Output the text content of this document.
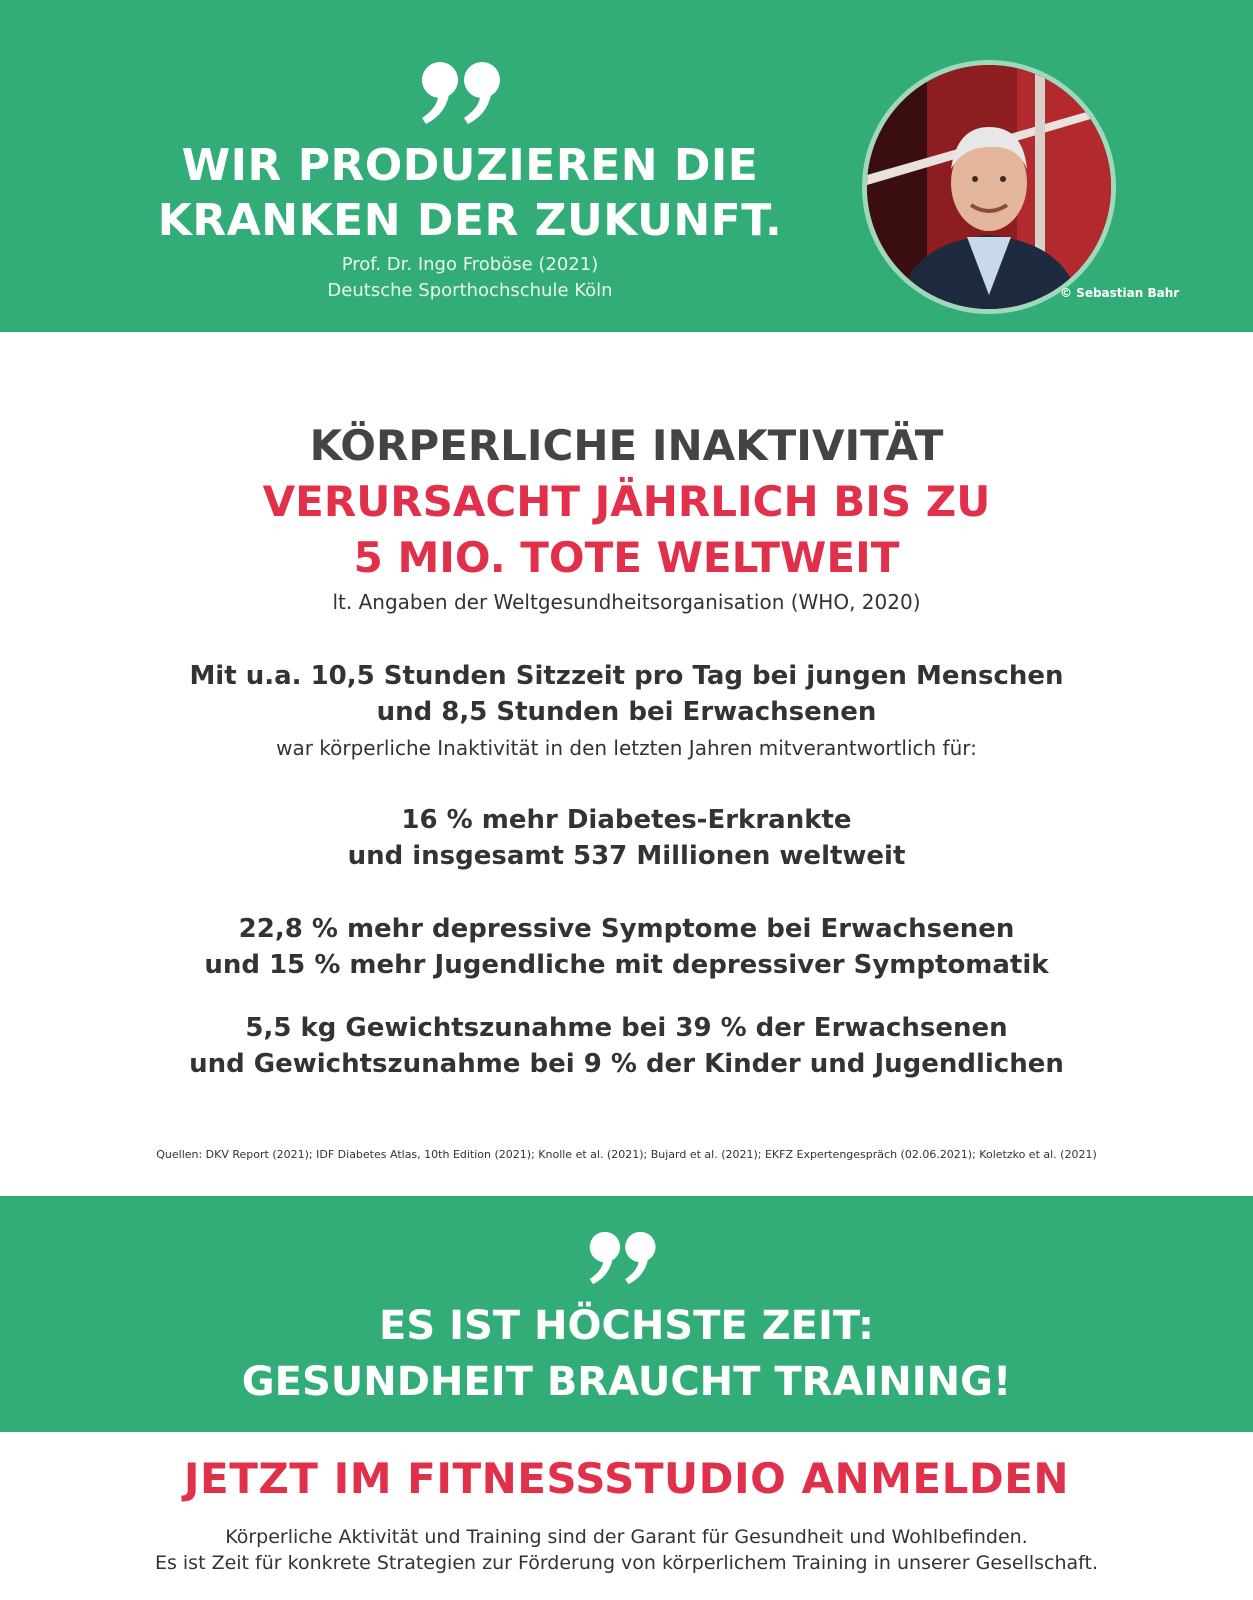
WIR PRODUZIEREN DIE
KRANKEN DER ZUKUNFT.
Prof. Dr. Ingo Froböse (2021)
Deutsche Sporthochschule Köln	© Sebastian Bahr
KÖRPERLICHE INAKTIVITÄT
VERURSACHT JÄHRLICH BIS ZU
5 MIO. TOTE WELTWEIT
lt. Angaben der Weltgesundheitsorganisation (WHO, 2020)
Mit u.a. 10,5 Stunden Sitzzeit pro Tag bei jungen Menschen
und 8,5 Stunden bei Erwachsenen
war körperliche Inaktivität in den letzten Jahren mitverantwortlich für:
16 % mehr Diabetes-Erkrankte
und insgesamt 537 Millionen weltweit
22,8 % mehr depressive Symptome bei Erwachsenen
und 15 % mehr Jugendliche mit depressiver Symptomatik
5,5 kg Gewichtszunahme bei 39 % der Erwachsenen
und Gewichtszunahme bei 9 % der Kinder und Jugendlichen
Quellen: DKV Report (2021); IDF Diabetes Atlas, 10th Edition (2021); Knolle et al. (2021); Bujard et al. (2021); EKFZ Expertengespräch (02.06.2021); Koletzko et al. (2021)
ES IST HÖCHSTE ZEIT:
GESUNDHEIT BRAUCHT TRAINING!
JETZT IM FITNESSSTUDIO ANMELDEN
Körperliche Aktivität und Training sind der Garant für Gesundheit und Wohlbefinden.
Es ist Zeit für konkrete Strategien zur Förderung von körperlichem Training in unserer Gesellschaft.
